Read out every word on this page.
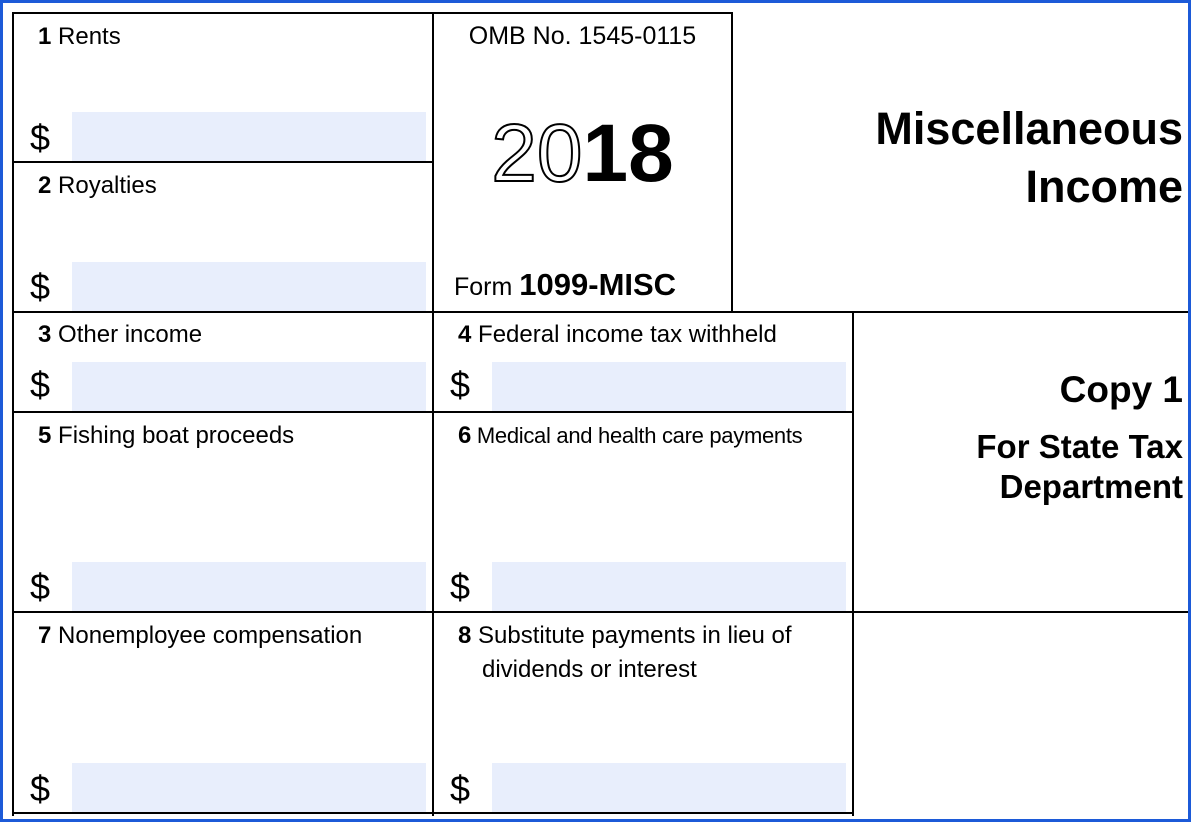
1 Rents
$
2 Royalties
$
OMB No. 1545-0115
2018
Form 1099-MISC
Miscellaneous
Income
3 Other income
$
4 Federal income tax withheld
$	Copy 1
For State Tax
Department
5 Fishing boat proceeds
$
6 Medical and health care payments
$
7 Nonemployee compensation
$
8 Substitute payments in lieu of
dividends or interest
$
